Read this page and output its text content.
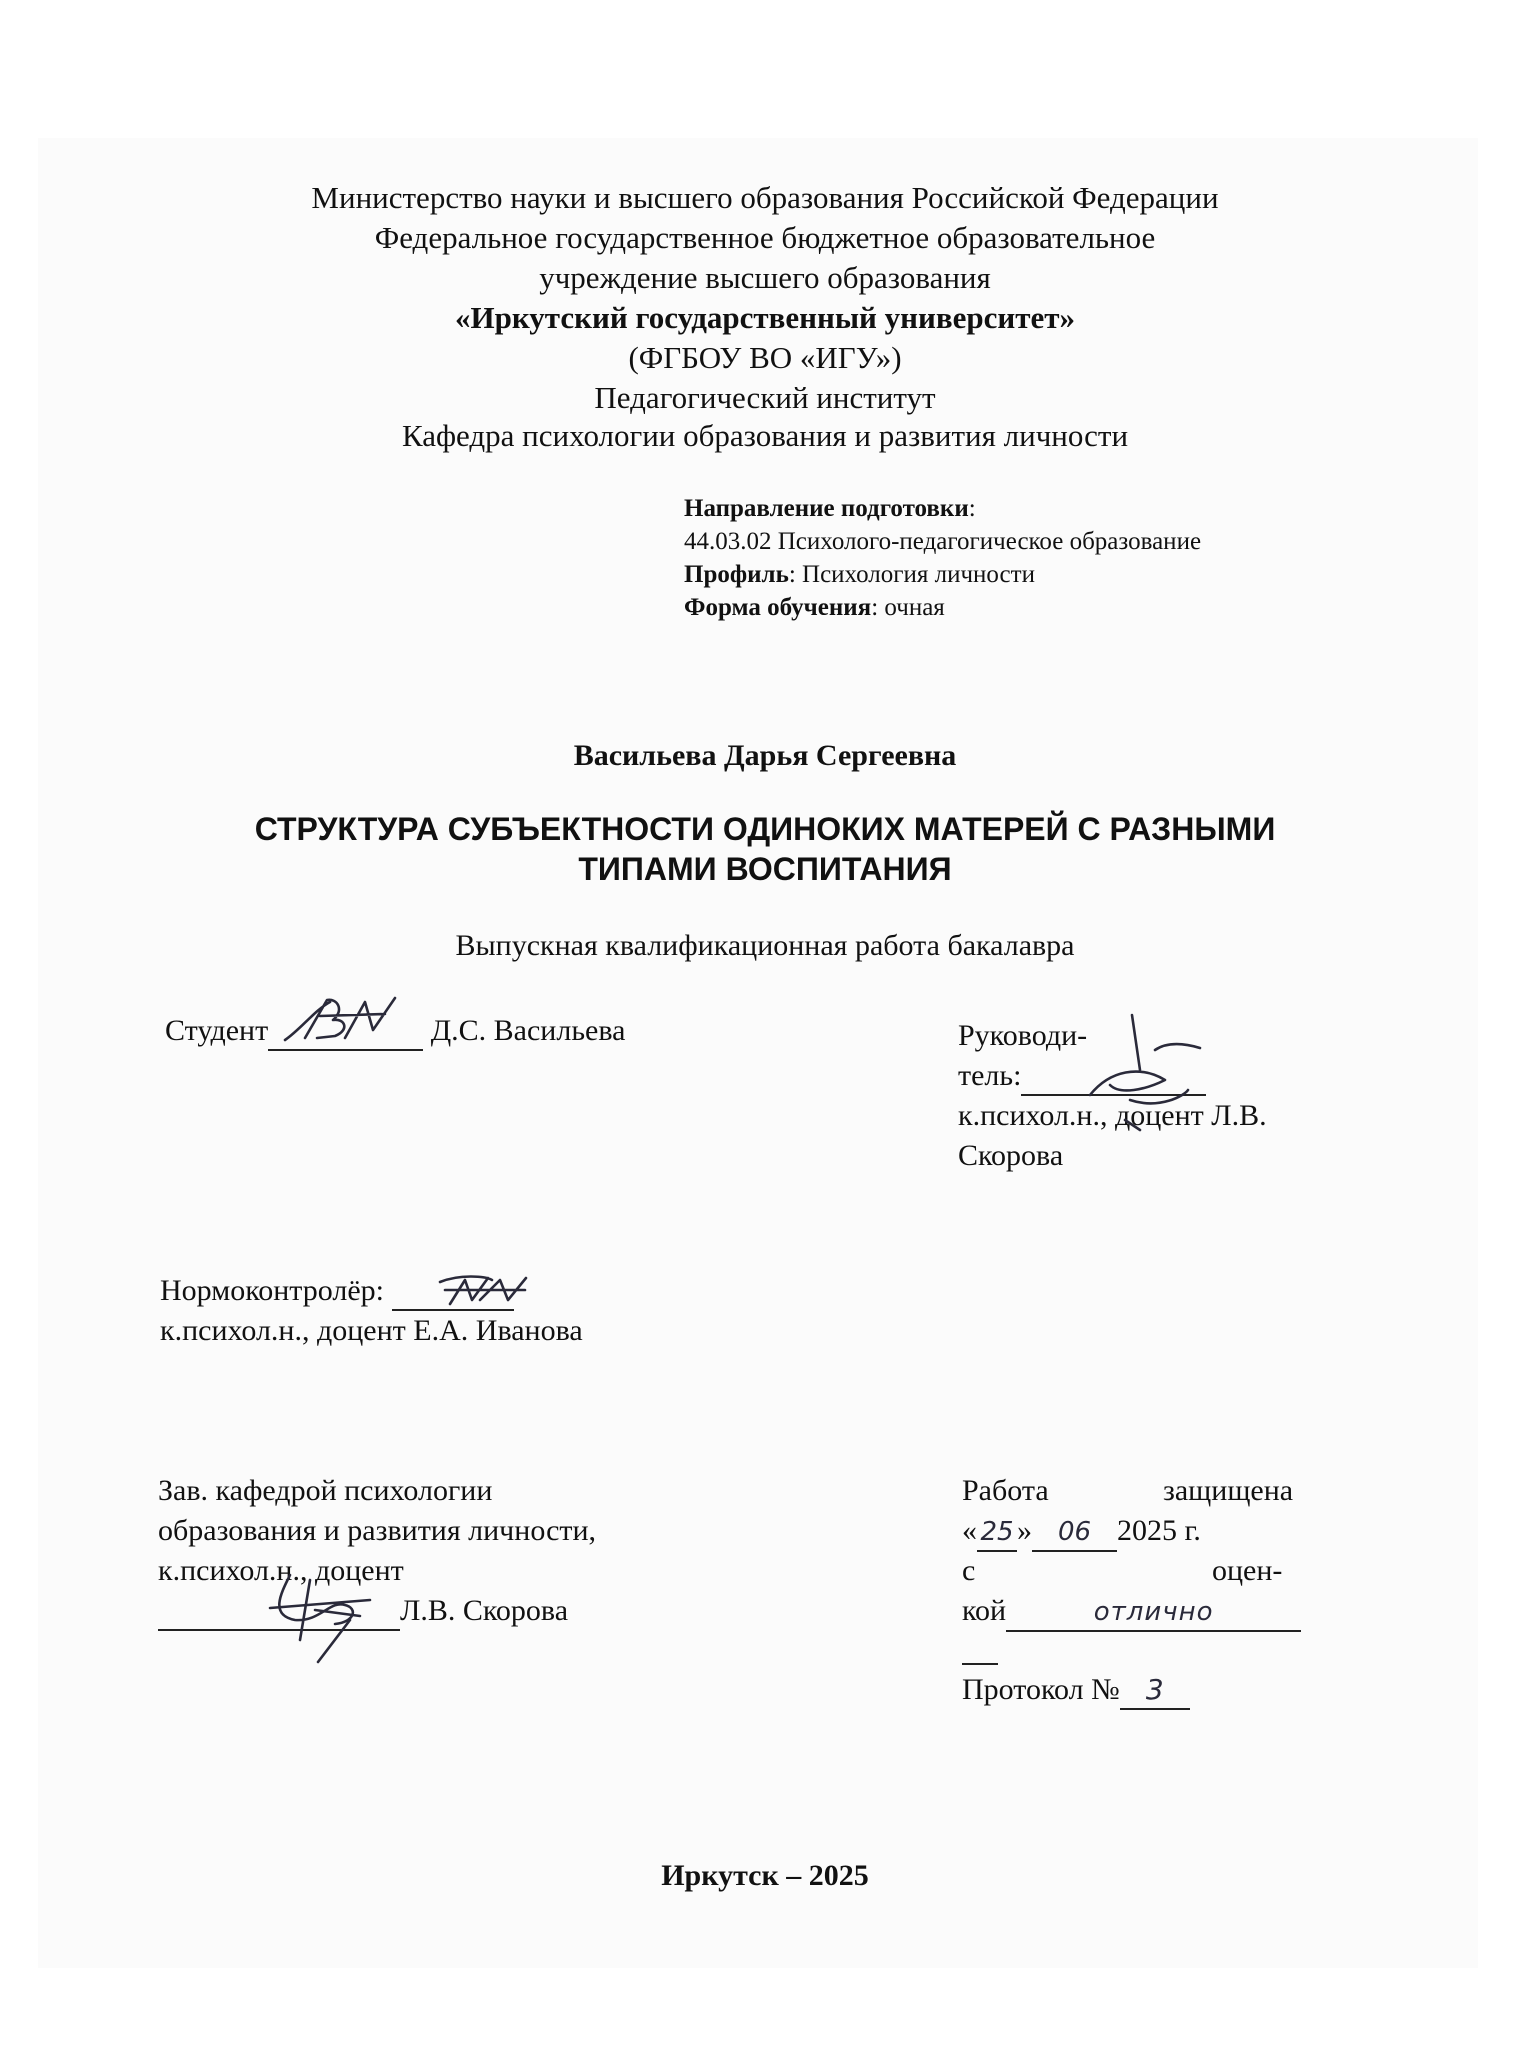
Министерство науки и высшего образования Российской Федерации
Федеральное государственное бюджетное образовательное
учреждение высшего образования
«Иркутский государственный университет»
(ФГБОУ ВО «ИГУ»)
Педагогический институт
Кафедра психологии образования и развития личности
Направление подготовки:
44.03.02 Психолого-педагогическое образование
Профиль: Психология личности
Форма обучения: очная
Васильева Дарья Сергеевна
СТРУКТУРА СУБЪЕКТНОСТИ ОДИНОКИХ МАТЕРЕЙ С РАЗНЫМИ
ТИПАМИ ВОСПИТАНИЯ
Выпускная квалификационная работа бакалавра
Студент	Д.С. Васильева	Руководи-
тель:
к.психол.н., доцент Л.В.
Скорова
Нормоконтролёр:
к.психол.н., доцент Е.А. Иванова
Зав. кафедрой психологии
образования и развития личности,
к.психол.н., доцент
Л.В. Скорова
Работа	защищена
« 25 » 06 2025 г.
с	оцен-
кой	отлично
Протокол № 3
Иркутск – 2025
